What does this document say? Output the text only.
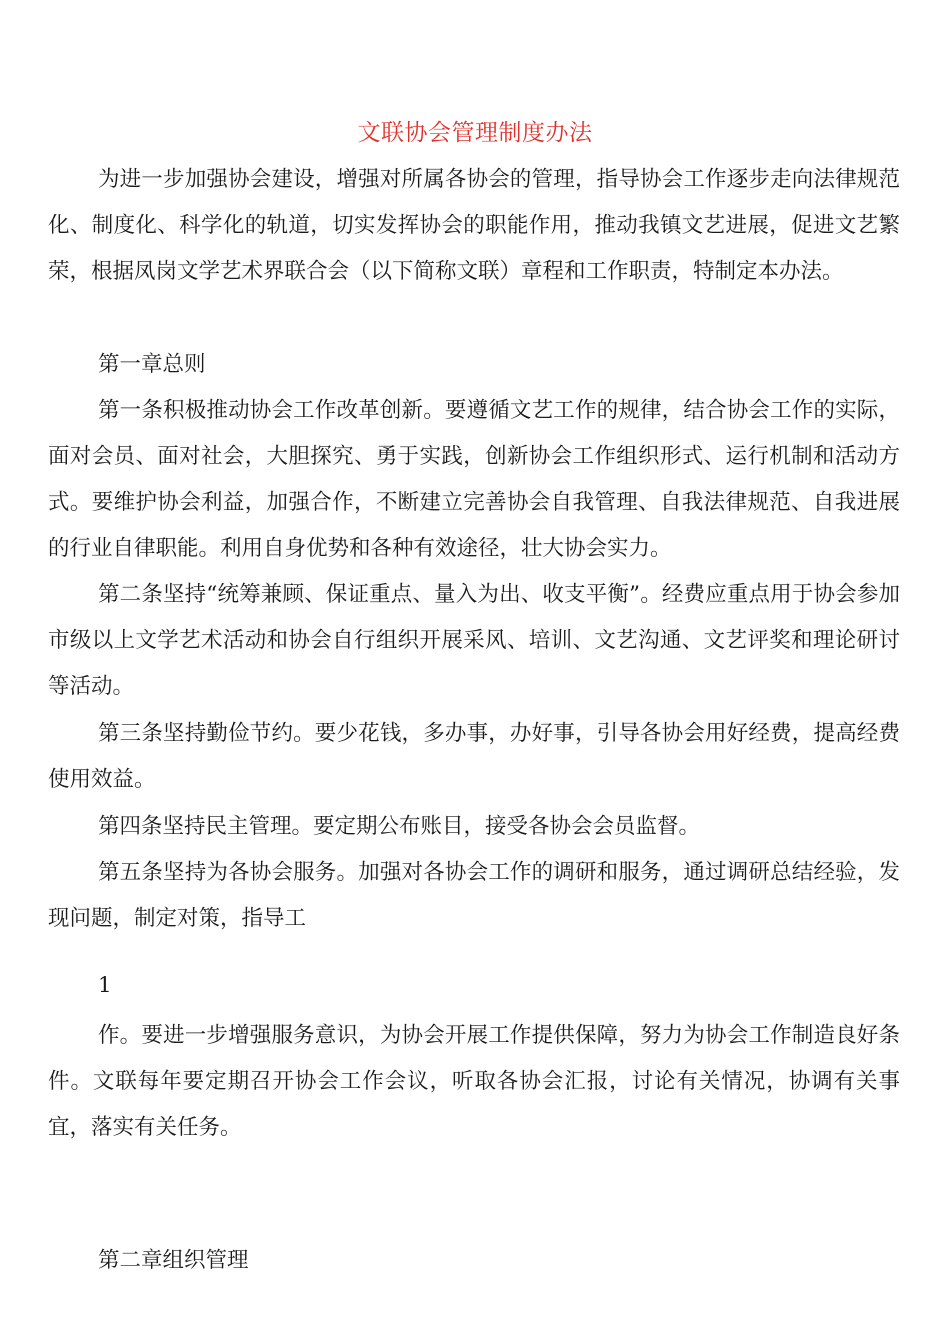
文联协会管理制度办法

为进一步加强协会建设，增强对所属各协会的管理，指导协会工作逐步走向法律规范化、制度化、科学化的轨道，切实发挥协会的职能作用，推动我镇文艺进展，促进文艺繁荣，根据凤岗文学艺术界联合会（以下简称文联）章程和工作职责，特制定本办法。

第一章总则

第一条积极推动协会工作改革创新。要遵循文艺工作的规律，结合协会工作的实际，面对会员、面对社会，大胆探究、勇于实践，创新协会工作组织形式、运行机制和活动方式。要维护协会利益，加强合作，不断建立完善协会自我管理、自我法律规范、自我进展的行业自律职能。利用自身优势和各种有效途径，壮大协会实力。

第二条坚持“统筹兼顾、保证重点、量入为出、收支平衡”。经费应重点用于协会参加市级以上文学艺术活动和协会自行组织开展采风、培训、文艺沟通、文艺评奖和理论研讨等活动。

第三条坚持勤俭节约。要少花钱，多办事，办好事，引导各协会用好经费，提高经费使用效益。

第四条坚持民主管理。要定期公布账目，接受各协会会员监督。

第五条坚持为各协会服务。加强对各协会工作的调研和服务，通过调研总结经验，发现问题，制定对策，指导工

1

作。要进一步增强服务意识，为协会开展工作提供保障，努力为协会工作制造良好条件。文联每年要定期召开协会工作会议，听取各协会汇报，讨论有关情况，协调有关事宜，落实有关任务。

第二章组织管理
